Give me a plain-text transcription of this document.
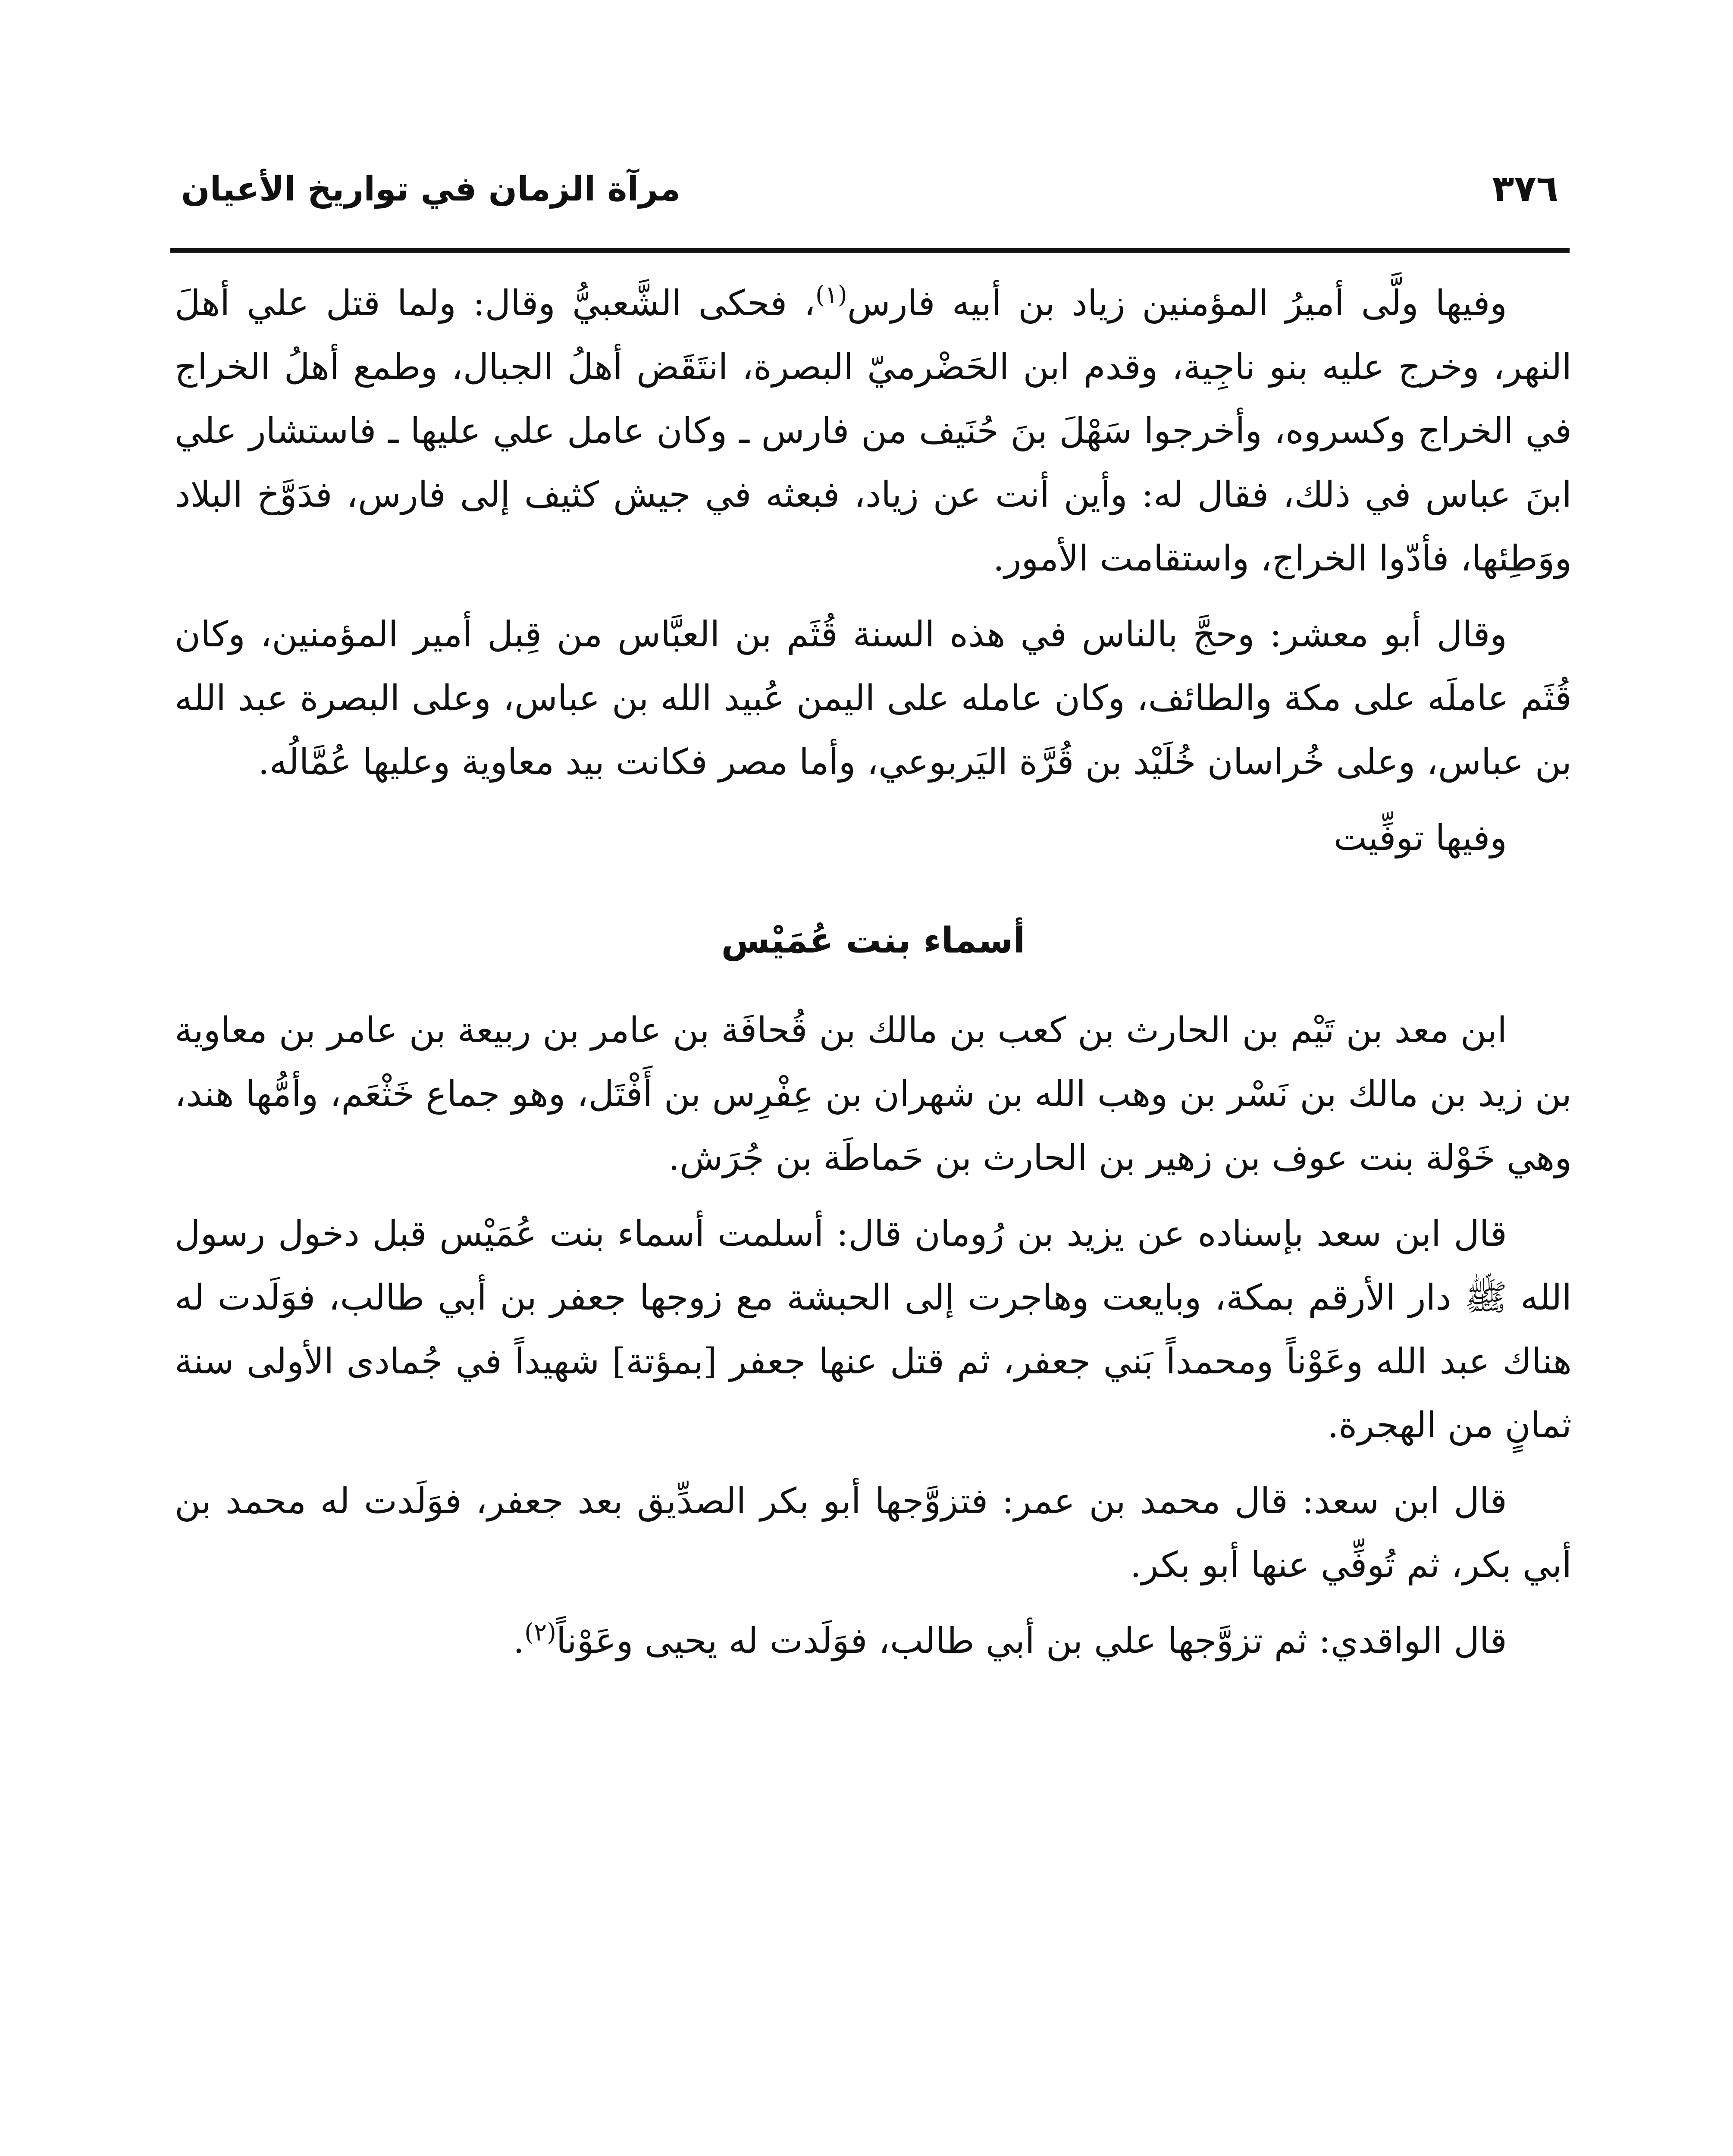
٣٧٦
مرآة الزمان في تواريخ الأعيان

وفيها ولَّى أميرُ المؤمنين زياد بن أبيه فارس$^{(١)}$، فحكى الشَّعبيُّ وقال: ولما قتل علي أهلَ النهر، وخرج عليه بنو ناجِية، وقدم ابن الحَضْرميّ البصرة، انتَقَض أهلُ الجبال، وطمع أهلُ الخراج في الخراج وكسروه، وأخرجوا سَهْلَ بنَ حُنَيف من فارس ـ وكان عامل علي عليها ـ فاستشار علي ابنَ عباس في ذلك، فقال له: وأين أنت عن زياد، فبعثه في جيش كثيف إلى فارس، فدَوَّخ البلاد ووَطِئها، فأدّوا الخراج، واستقامت الأمور.

وقال أبو معشر: وحجَّ بالناس في هذه السنة قُثَم بن العبَّاس من قِبل أمير المؤمنين، وكان قُثَم عاملَه على مكة والطائف، وكان عامله على اليمن عُبيد الله بن عباس، وعلى البصرة عبد الله بن عباس، وعلى خُراسان خُلَيْد بن قُرَّة اليَربوعي، وأما مصر فكانت بيد معاوية وعليها عُمَّالُه.

وفيها توفِّيت

أسماء بنت عُمَيْس

ابن معد بن تَيْم بن الحارث بن كعب بن مالك بن قُحافَة بن عامر بن ربيعة بن عامر بن معاوية بن زيد بن مالك بن نَسْر بن وهب الله بن شهران بن عِفْرِس بن أَفْتَل، وهو جماع خَثْعَم، وأمُّها هند، وهي خَوْلة بنت عوف بن زهير بن الحارث بن حَماطَة بن جُرَش.

قال ابن سعد بإسناده عن يزيد بن رُومان قال: أسلمت أسماء بنت عُمَيْس قبل دخول رسول الله ﷺ دار الأرقم بمكة، وبايعت وهاجرت إلى الحبشة مع زوجها جعفر بن أبي طالب، فوَلَدت له هناك عبد الله وعَوْناً ومحمداً بَني جعفر، ثم قتل عنها جعفر [بمؤتة] شهيداً في جُمادى الأولى سنة ثمانٍ من الهجرة.

قال ابن سعد: قال محمد بن عمر: فتزوَّجها أبو بكر الصدِّيق بعد جعفر، فوَلَدت له محمد بن أبي بكر، ثم تُوفِّي عنها أبو بكر.

قال الواقدي: ثم تزوَّجها علي بن أبي طالب، فوَلَدت له يحيى وعَوْناً$^{(٢)}$.
